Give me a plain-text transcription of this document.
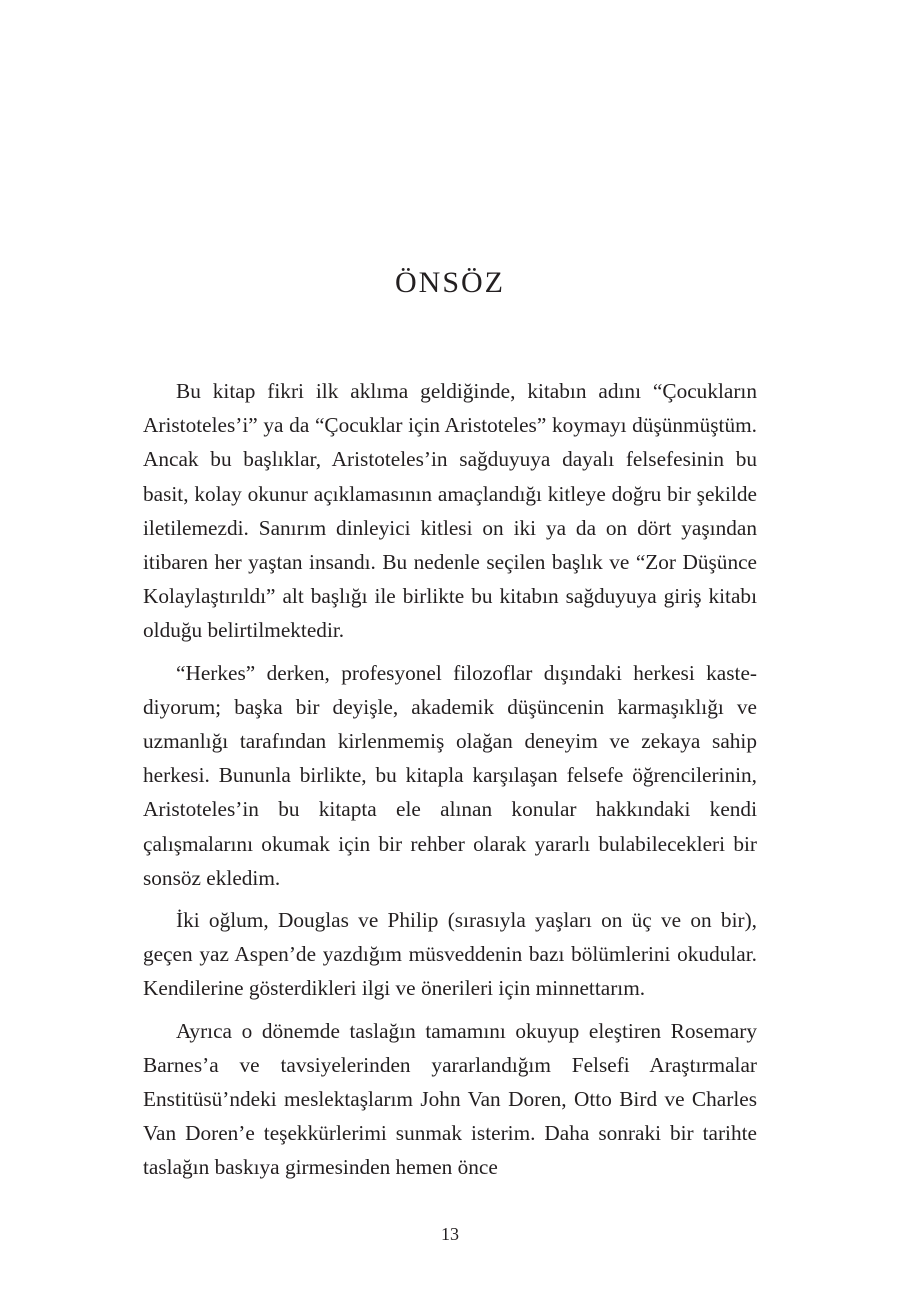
ÖNSÖZ

Bu kitap fikri ilk aklıma geldiğinde, kitabın adını “Çocukların Aristoteles’i” ya da “Çocuklar için Aristoteles” koymayı düşünmüştüm. Ancak bu başlıklar, Aristoteles’in sağduyuya dayalı felsefesinin bu basit, kolay okunur açıklamasının amaçlandığı kitleye doğru bir şekilde iletilemezdi. Sanırım dinleyici kitlesi on iki ya da on dört yaşından itibaren her yaştan insandı. Bu nedenle seçilen başlık ve “Zor Düşünce Kolaylaştırıldı” alt başlığı ile birlikte bu kitabın sağduyuya giriş kitabı olduğu belirtilmektedir.

“Herkes” derken, profesyonel filozoflar dışındaki herkesi kastediyorum; başka bir deyişle, akademik düşüncenin karmaşıklığı ve uzmanlığı tarafından kirlenmemiş olağan deneyim ve zekaya sahip herkesi. Bununla birlikte, bu kitapla karşılaşan felsefe öğrencilerinin, Aristoteles’in bu kitapta ele alınan konular hakkındaki kendi çalışmalarını okumak için bir rehber olarak yararlı bulabilecekleri bir sonsöz ekledim.

İki oğlum, Douglas ve Philip (sırasıyla yaşları on üç ve on bir), geçen yaz Aspen’de yazdığım müsveddenin bazı bölümlerini okudular. Kendilerine gösterdikleri ilgi ve önerileri için minnettarım.

Ayrıca o dönemde taslağın tamamını okuyup eleştiren Rosemary Barnes’a ve tavsiyelerinden yararlandığım Felsefi Araştırmalar Enstitüsü’ndeki meslektaşlarım John Van Doren, Otto Bird ve Charles Van Doren’e teşekkürlerimi sunmak isterim. Daha sonraki bir tarihte taslağın baskıya girmesinden hemen önce

13
